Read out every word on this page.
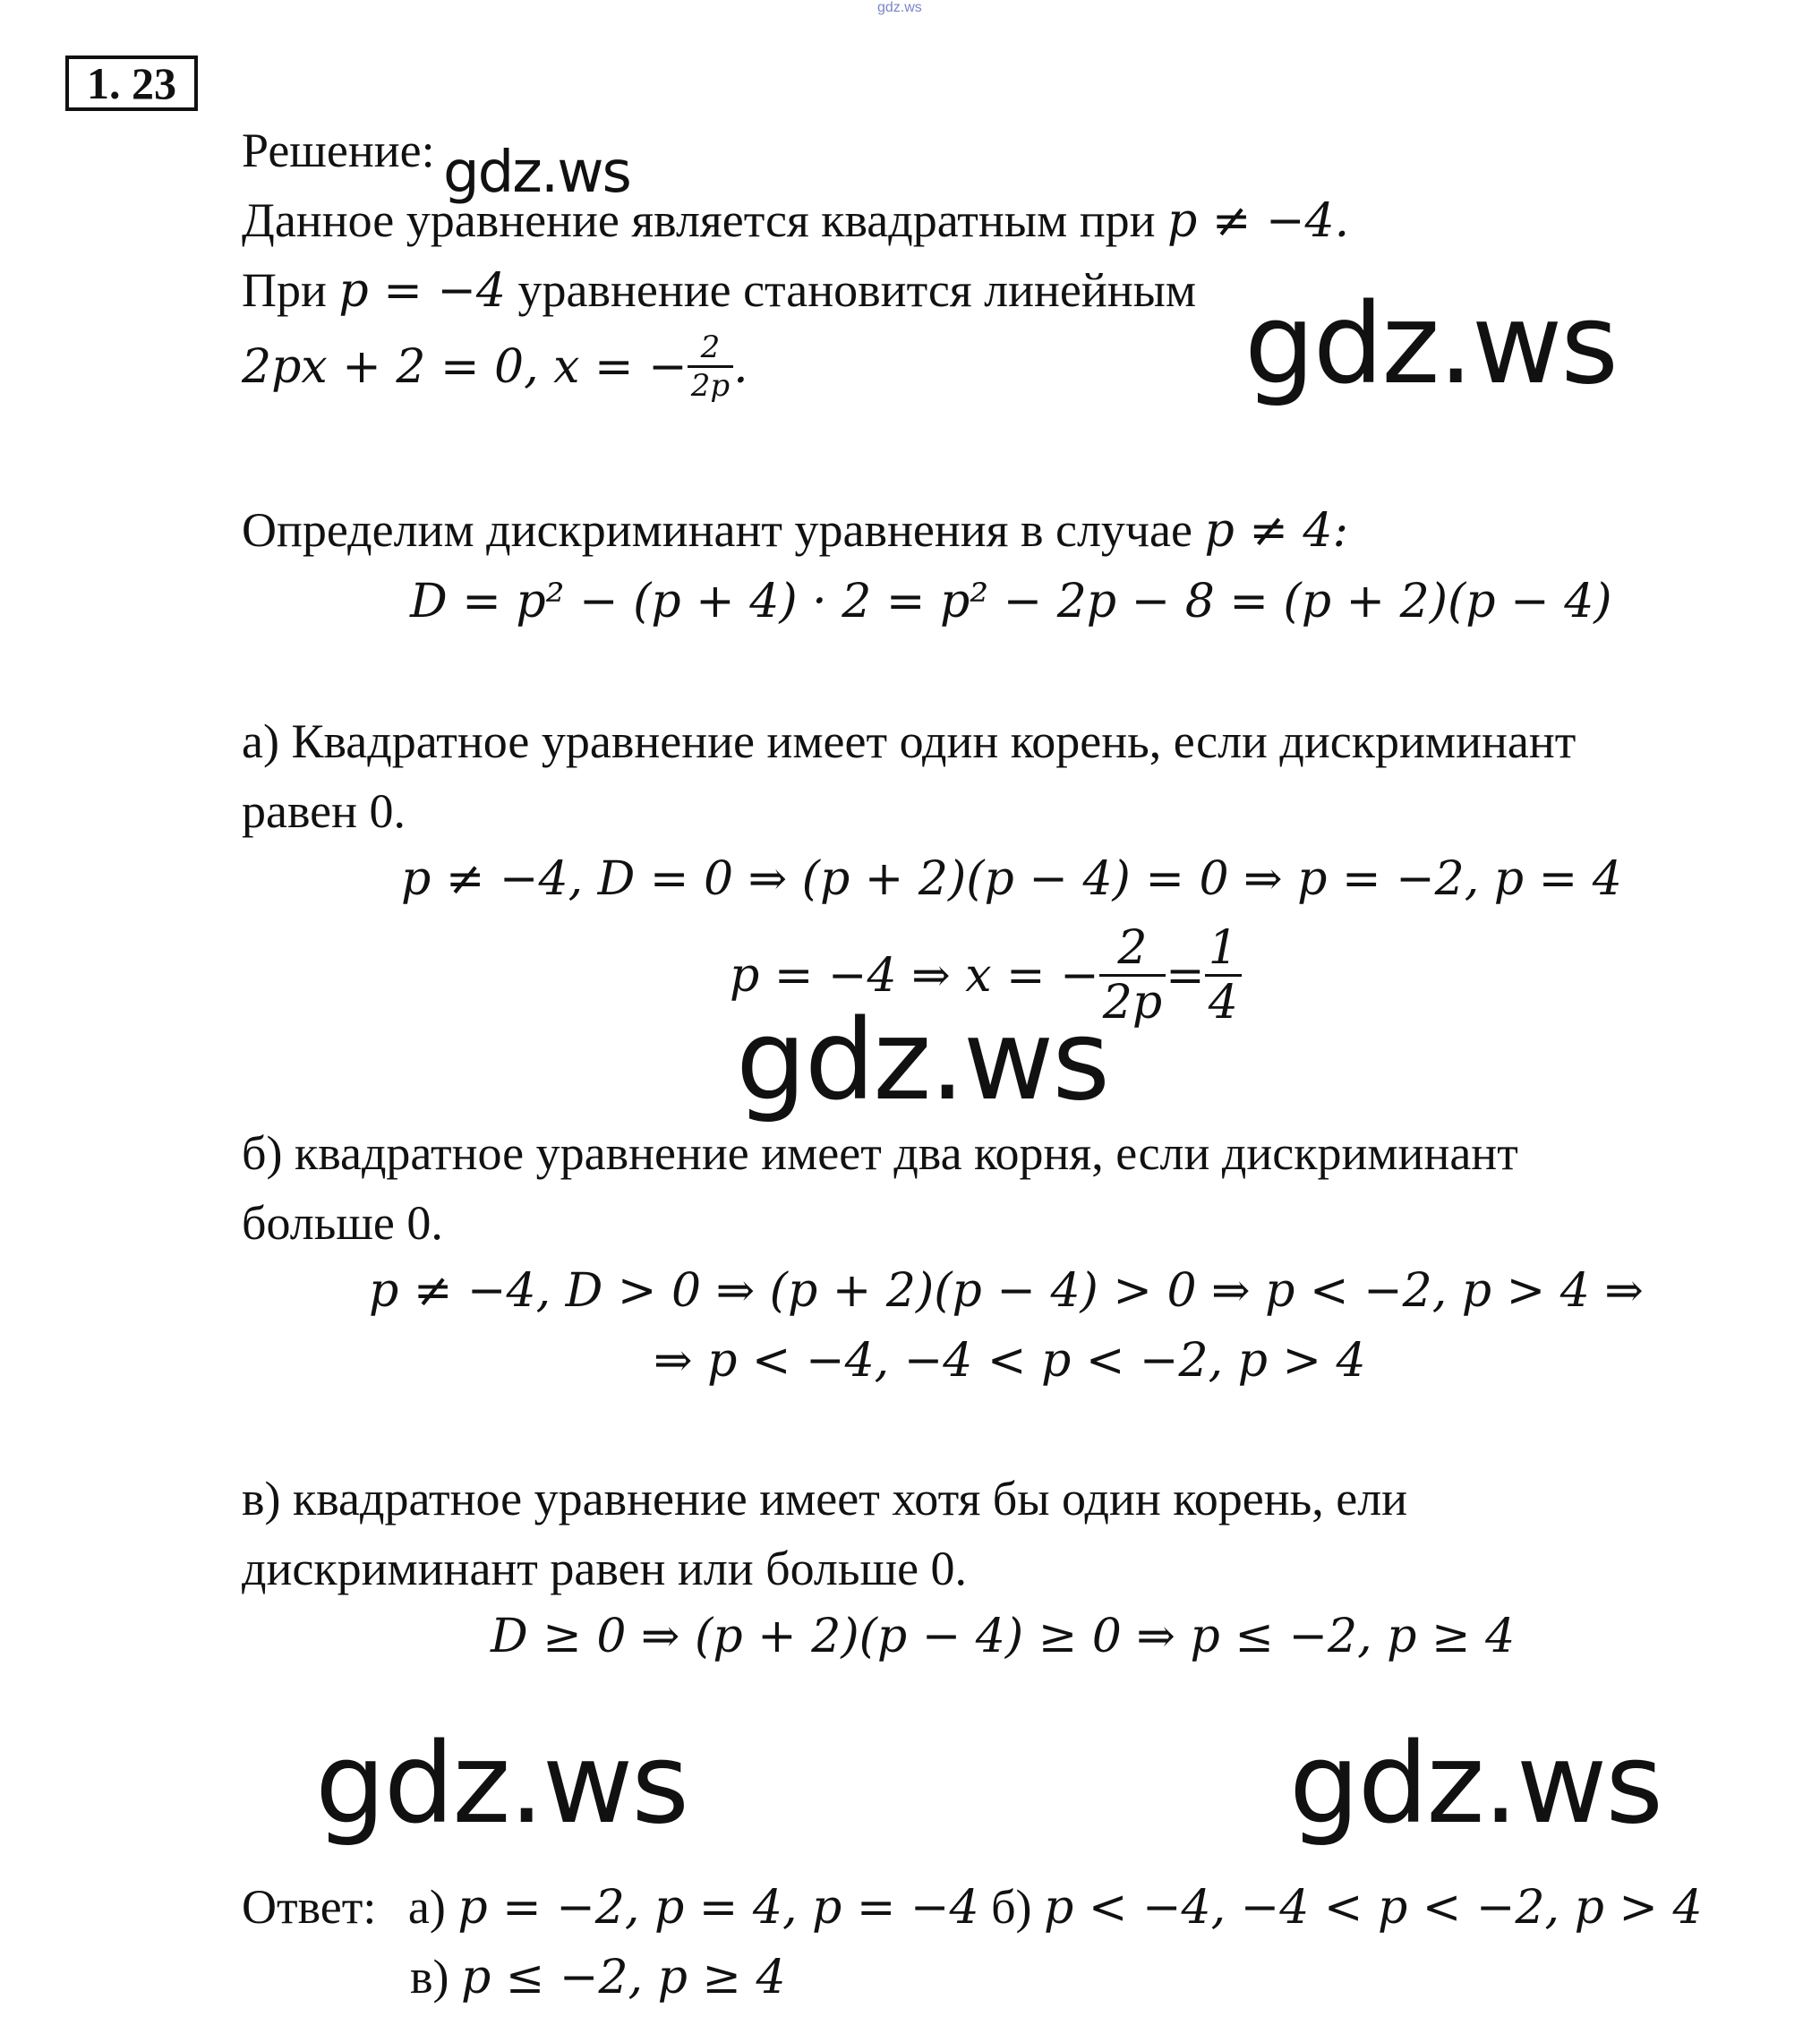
gdz.ws
1. 23
Решение: gdz.ws
Данное уравнение является квадратным при p ≠ −4.
При p = −4 уравнение становится линейным
2px + 2 = 0, x = − $\frac{2}{2p}$ .	gdz.ws
Определим дискриминант уравнения в случае p ≠ 4:
D = p² − (p + 4) · 2 = p² − 2p − 8 = (p + 2)(p − 4)
а) Квадратное уравнение имеет один корень, если дискриминант
равен 0.
p ≠ −4, D = 0 ⇒ (p + 2)(p − 4) = 0 ⇒ p = −2, p = 4
p = −4 ⇒ x = − $\frac{2}{2p} = \frac{1}{4}$
gdz.ws
б) квадратное уравнение имеет два корня, если дискриминант
больше 0.
p ≠ −4, D > 0 ⇒ (p + 2)(p − 4) > 0 ⇒ p < −2, p > 4 ⇒
⇒ p < −4, −4 < p < −2, p > 4
в) квадратное уравнение имеет хотя бы один корень, ели
дискриминант равен или больше 0.
D ≥ 0 ⇒ (p + 2)(p − 4) ≥ 0 ⇒ p ≤ −2, p ≥ 4
gdz.ws	gdz.ws
Ответ: а) p = −2, p = 4, p = −4 б) p < −4, −4 < p < −2, p > 4
в) p ≤ −2, p ≥ 4
